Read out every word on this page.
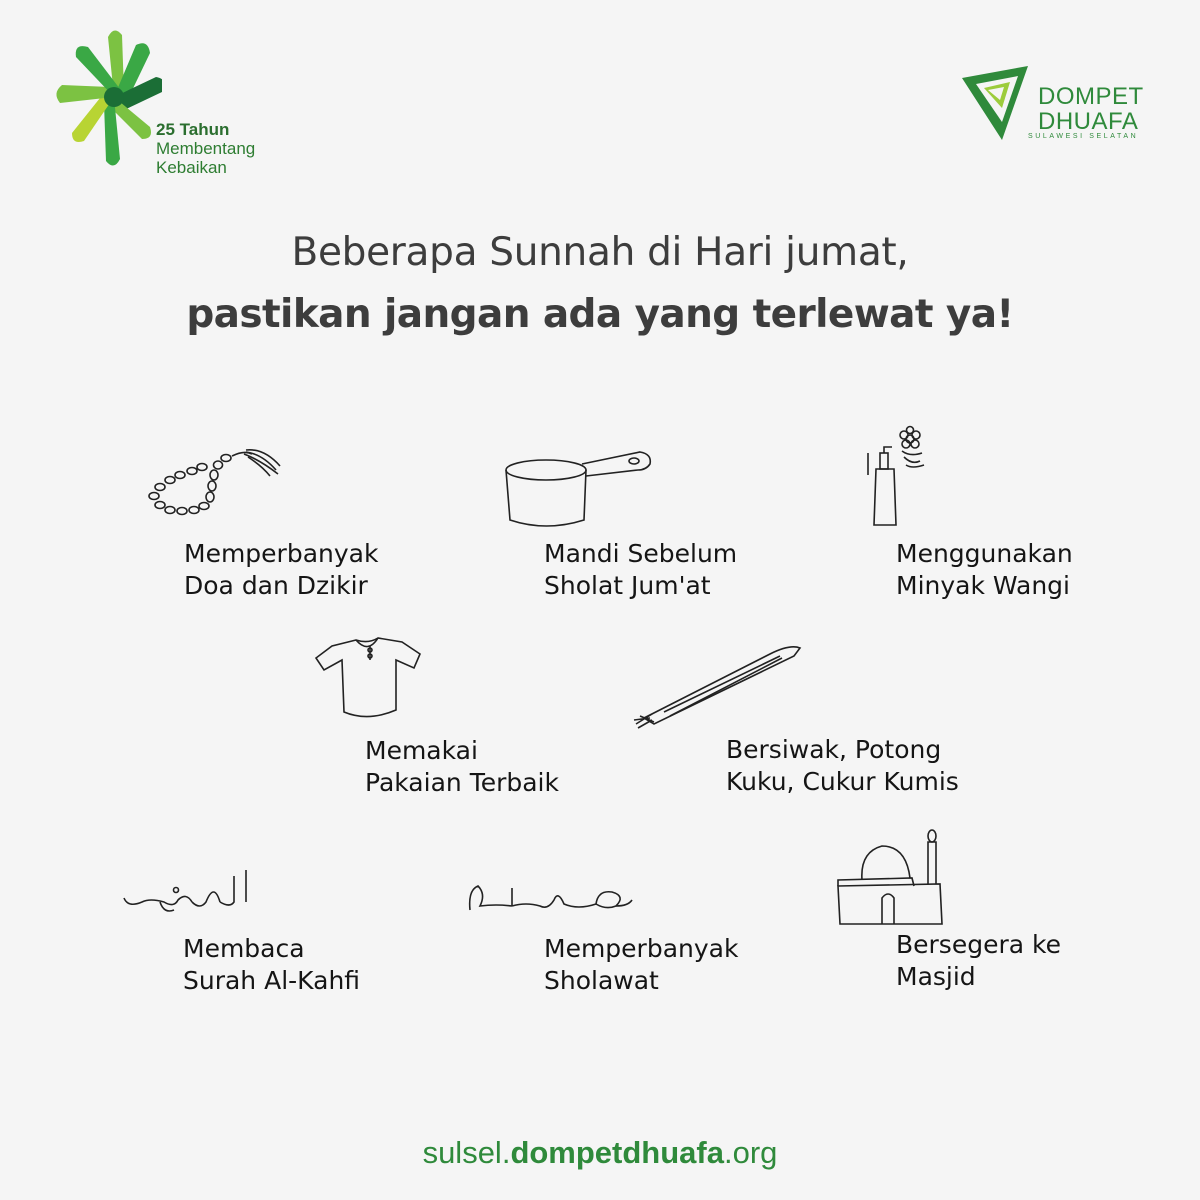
25 Tahun
Membentang
Kebaikan
DOMPET
DHUAFA
SULAWESI SELATAN
Beberapa Sunnah di Hari jumat,
pastikan jangan ada yang terlewat ya!
Memperbanyak
Doa dan Dzikir
Mandi Sebelum
Sholat Jum'at
Menggunakan
Minyak Wangi
Memakai
Pakaian Terbaik
Bersiwak, Potong
Kuku, Cukur Kumis
Membaca
Surah Al-Kahfi
Memperbanyak
Sholawat
Bersegera ke
Masjid
sulsel.dompetdhuafa.org
